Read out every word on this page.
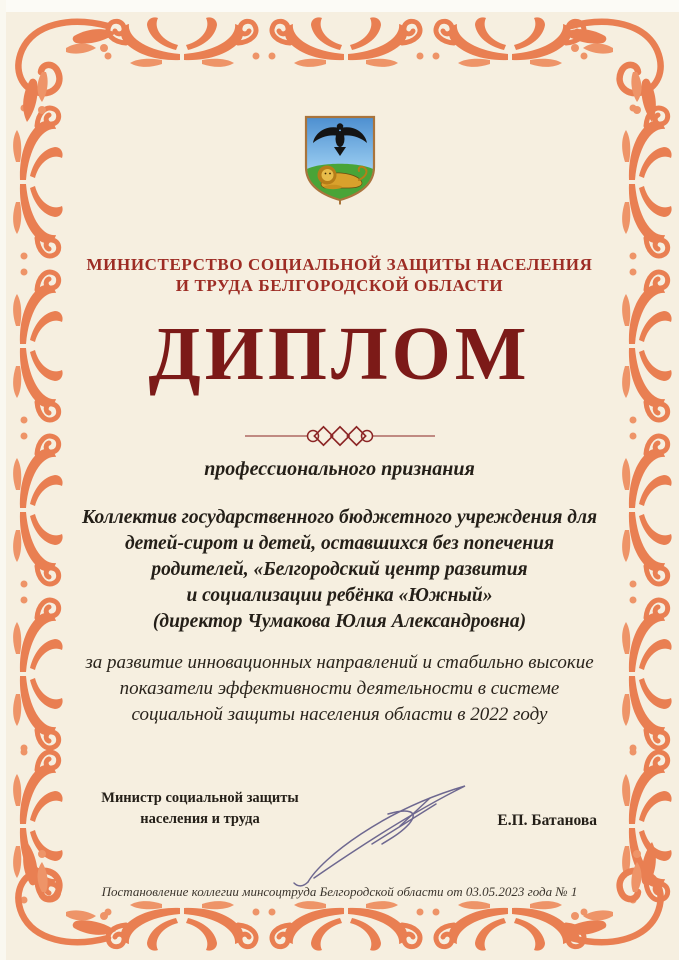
МИНИСТЕРСТВО СОЦИАЛЬНОЙ ЗАЩИТЫ НАСЕЛЕНИЯ
И ТРУДА БЕЛГОРОДСКОЙ ОБЛАСТИ
ДИПЛОМ
профессионального признания
Коллектив государственного бюджетного учреждения для
детей-сирот и детей, оставшихся без попечения
родителей, «Белгородский центр развития
и социализации ребёнка «Южный»
(директор Чумакова Юлия Александровна)
за развитие инновационных направлений и стабильно высокие
показатели эффективности деятельности в системе
социальной защиты населения области в 2022 году
Министр социальной защиты
населения и труда	Е.П. Батанова
Постановление коллегии минсоцтруда Белгородской области от 03.05.2023 года № 1
